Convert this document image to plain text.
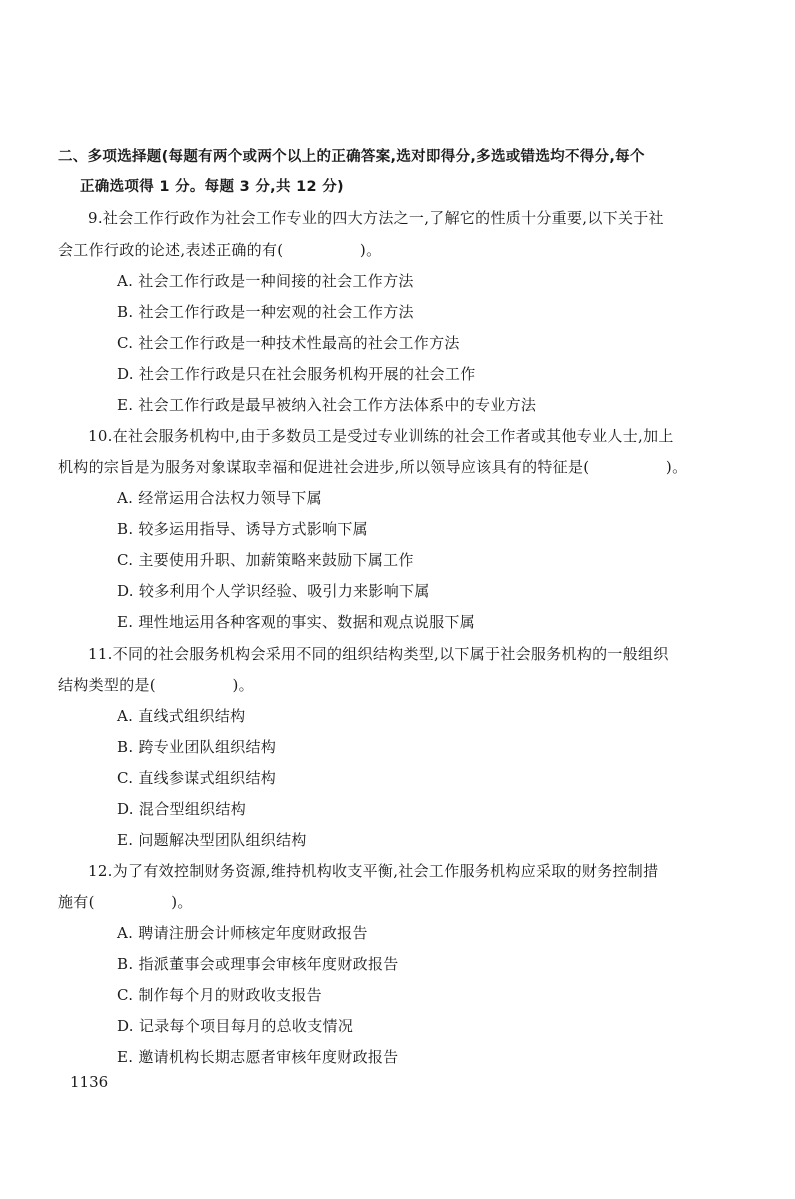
二、多项选择题(每题有两个或两个以上的正确答案,选对即得分,多选或错选均不得分,每个
正确选项得 1 分。每题 3 分,共 12 分)
9.社会工作行政作为社会工作专业的四大方法之一,了解它的性质十分重要,以下关于社
会工作行政的论述,表述正确的有(　　　　　)。
A. 社会工作行政是一种间接的社会工作方法
B. 社会工作行政是一种宏观的社会工作方法
C. 社会工作行政是一种技术性最高的社会工作方法
D. 社会工作行政是只在社会服务机构开展的社会工作
E. 社会工作行政是最早被纳入社会工作方法体系中的专业方法
10.在社会服务机构中,由于多数员工是受过专业训练的社会工作者或其他专业人士,加上
机构的宗旨是为服务对象谋取幸福和促进社会进步,所以领导应该具有的特征是(　　　　　)。
A. 经常运用合法权力领导下属
B. 较多运用指导、诱导方式影响下属
C. 主要使用升职、加薪策略来鼓励下属工作
D. 较多利用个人学识经验、吸引力来影响下属
E. 理性地运用各种客观的事实、数据和观点说服下属
11.不同的社会服务机构会采用不同的组织结构类型,以下属于社会服务机构的一般组织
结构类型的是(　　　　　)。
A. 直线式组织结构
B. 跨专业团队组织结构
C. 直线参谋式组织结构
D. 混合型组织结构
E. 问题解决型团队组织结构
12.为了有效控制财务资源,维持机构收支平衡,社会工作服务机构应采取的财务控制措
施有(　　　　　)。
A. 聘请注册会计师核定年度财政报告
B. 指派董事会或理事会审核年度财政报告
C. 制作每个月的财政收支报告
D. 记录每个项目每月的总收支情况
E. 邀请机构长期志愿者审核年度财政报告
1136
